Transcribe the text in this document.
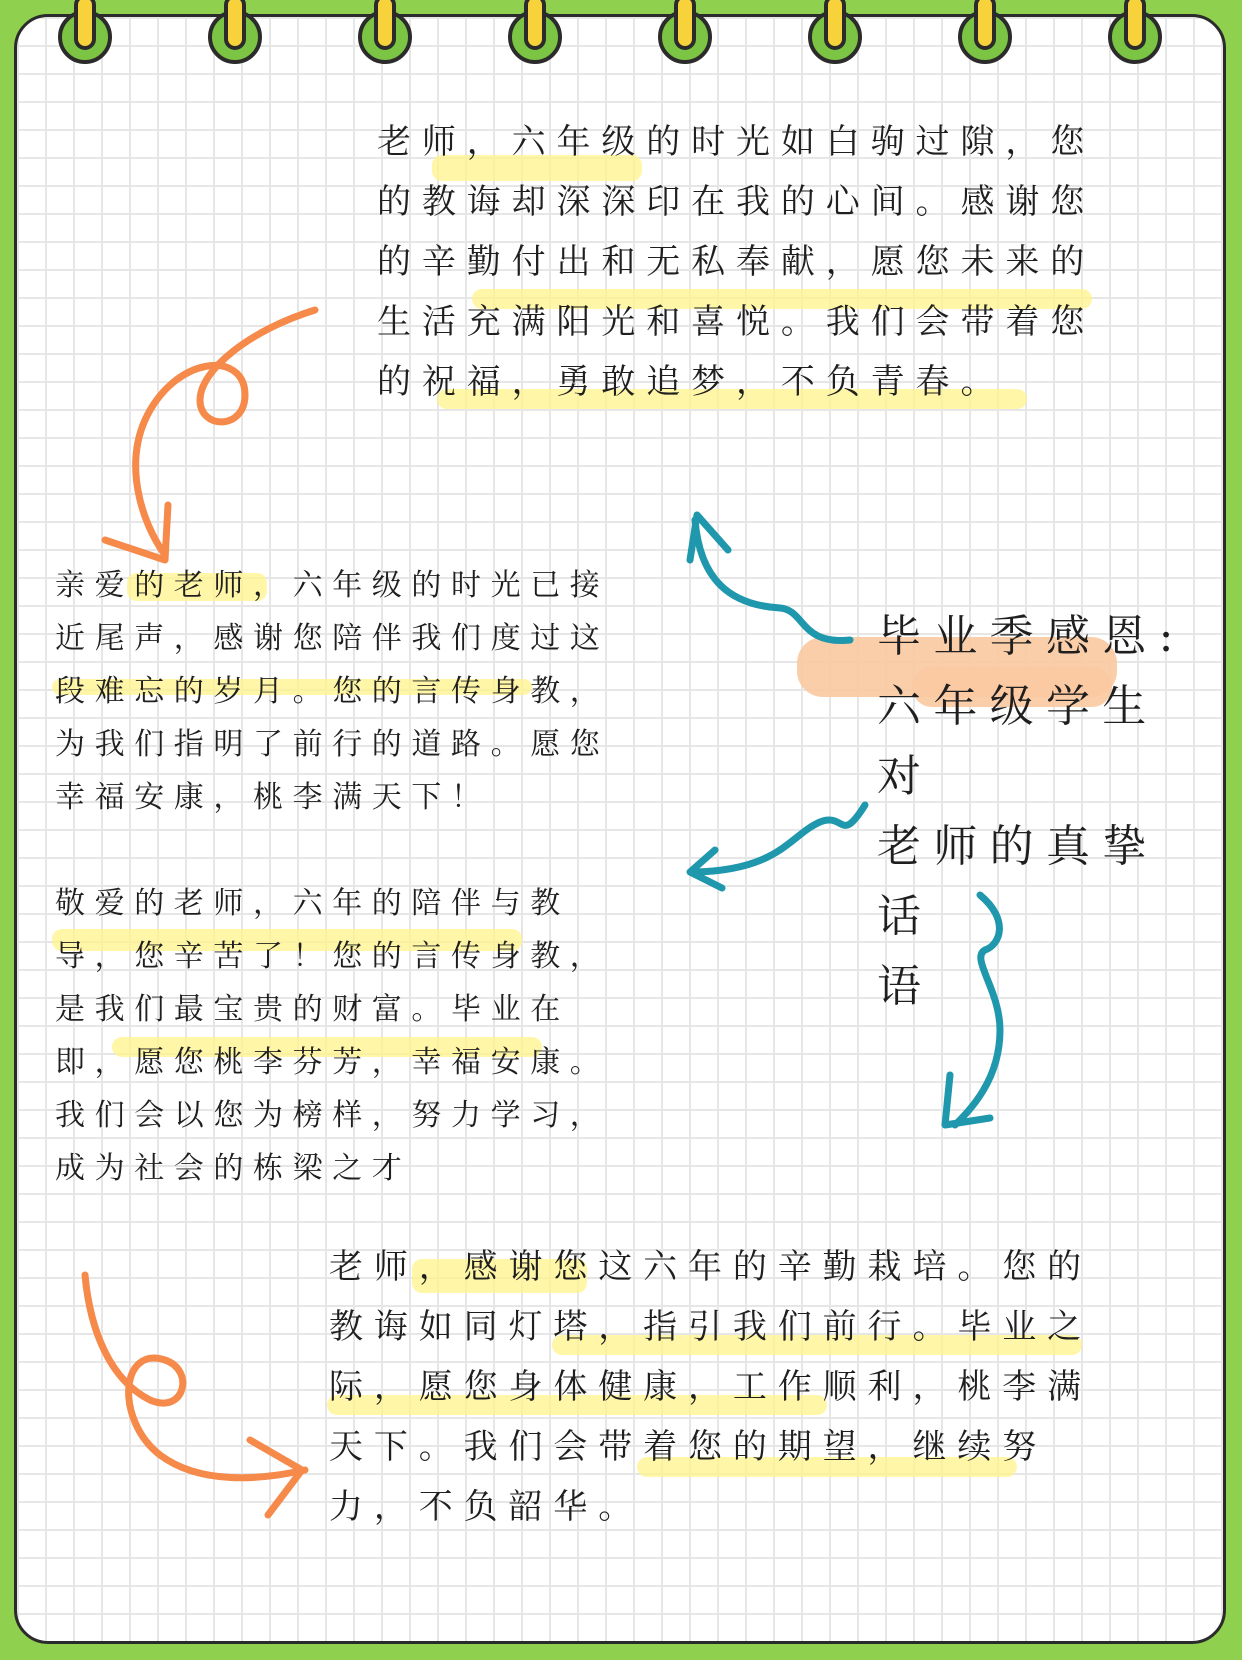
老师，六年级的时光如白驹过隙，您的教诲却深深印在我的心间。感谢您的辛勤付出和无私奉献，愿您未来的生活充满阳光和喜悦。我们会带着您的祝福，勇敢追梦，不负青春。

亲爱的老师，六年级的时光已接近尾声，感谢您陪伴我们度过这段难忘的岁月。您的言传身教，为我们指明了前行的道路。愿您幸福安康，桃李满天下！

敬爱的老师，六年的陪伴与教导，您辛苦了！您的言传身教，是我们最宝贵的财富。毕业在即，愿您桃李芬芳，幸福安康。我们会以您为榜样，努力学习，成为社会的栋梁之才

老师，感谢您这六年的辛勤栽培。您的教诲如同灯塔，指引我们前行。毕业之际，愿您身体健康，工作顺利，桃李满天下。我们会带着您的期望，继续努力，不负韶华。

毕业季感恩:
六年级学生对
老师的真挚话
语
